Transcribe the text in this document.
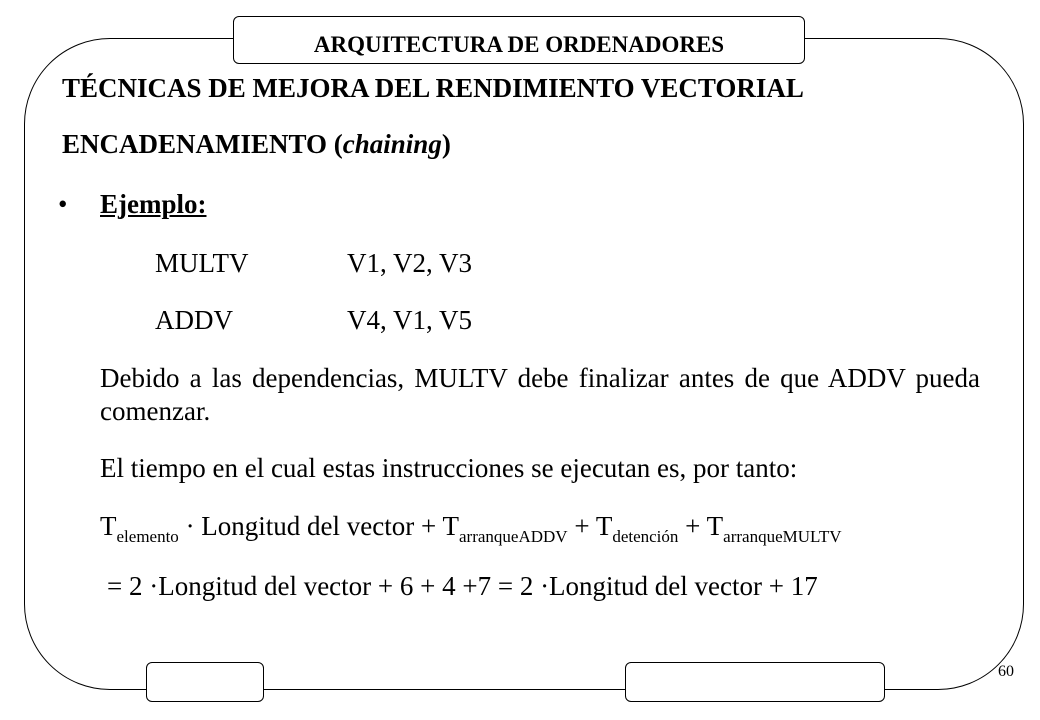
ARQUITECTURA DE ORDENADORES
TÉCNICAS DE MEJORA DEL RENDIMIENTO VECTORIAL
ENCADENAMIENTO (chaining)
• Ejemplo:
MULTV	V1, V2, V3
ADDV	V4, V1, V5
Debido a las dependencias, MULTV debe finalizar antes de que ADDV pueda comenzar.
El tiempo en el cual estas instrucciones se ejecutan es, por tanto:
$T_{elemento}$ · Longitud del vector + $T_{arranqueADDV} + T_{detención} + T_{arranqueMULTV}$
= 2 ·Longitud del vector + 6 + 4 +7 = 2 ·Longitud del vector + 17
60
